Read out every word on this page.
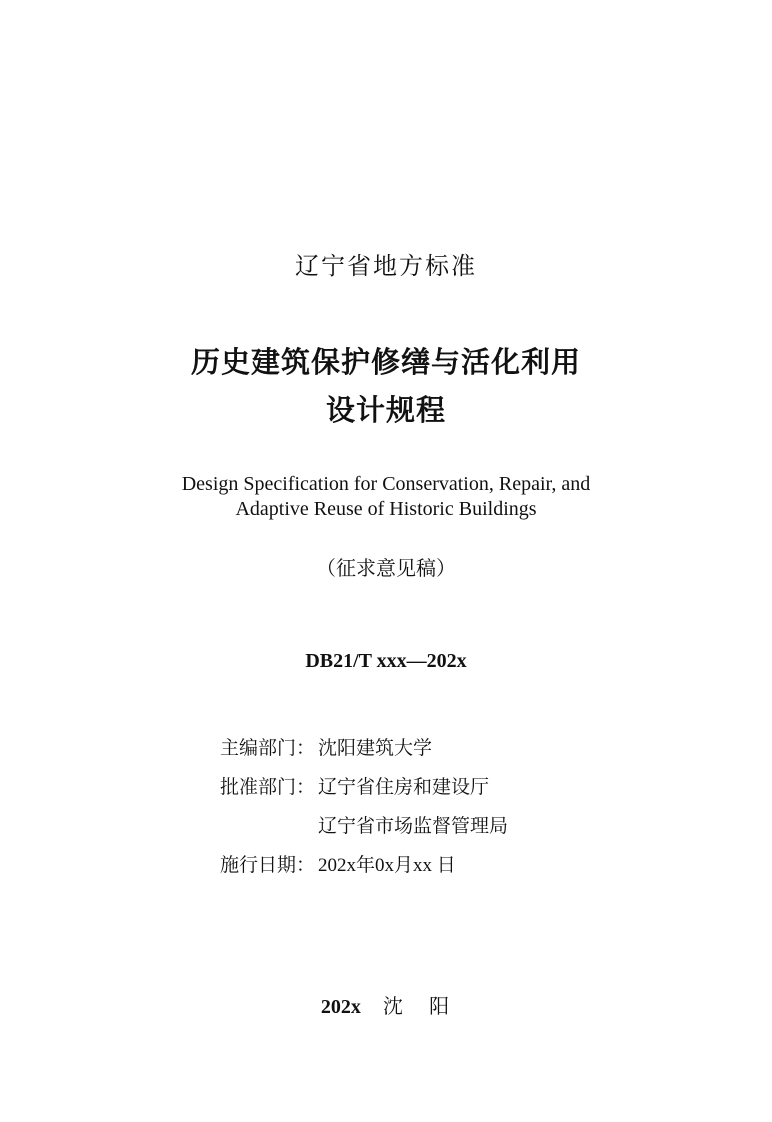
辽宁省地方标准
历史建筑保护修缮与活化利用
设计规程
Design Specification for Conservation, Repair, and
Adaptive Reuse of Historic Buildings
（征求意见稿）
DB21/T xxx—202x
主编部门： 沈阳建筑大学
批准部门： 辽宁省住房和建设厅
辽宁省市场监督管理局
施行日期： 202x年0x月xx 日
202x 沈 阳
